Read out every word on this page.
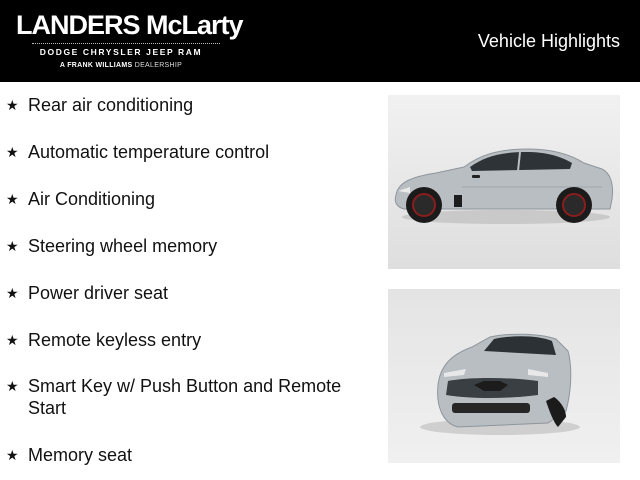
LANDERS McLarty
DODGE CHRYSLER JEEP RAM
A FRANK WILLIAMS DEALERSHIP
Vehicle Highlights
★ Rear air conditioning
★ Automatic temperature control
★ Air Conditioning
★ Steering wheel memory
★ Power driver seat
★ Remote keyless entry
★ Smart Key w/ Push Button and Remote Start
★ Memory seat
